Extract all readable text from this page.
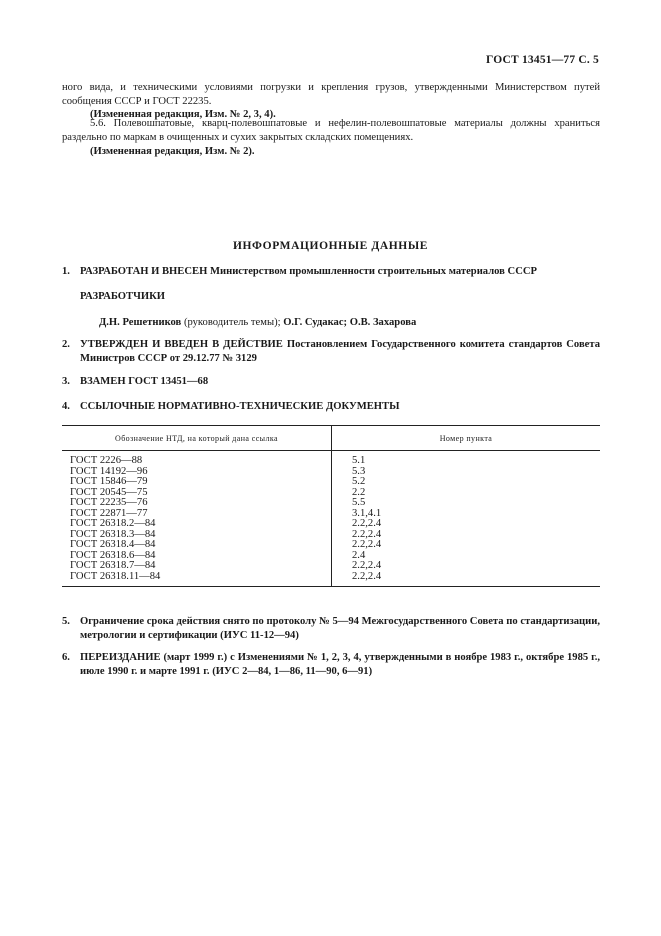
ГОСТ 13451—77 С. 5
ного вида, и техническими условиями погрузки и крепления грузов, утвержденными Министерством путей сообщения СССР и ГОСТ 22235.
(Измененная редакция, Изм. № 2, 3, 4).
5.6. Полевошпатовые, кварц-полевошпатовые и нефелин-полевошпатовые материалы должны храниться раздельно по маркам в очищенных и сухих закрытых складских помещениях.
(Измененная редакция, Изм. № 2).
ИНФОРМАЦИОННЫЕ ДАННЫЕ
1. РАЗРАБОТАН И ВНЕСЕН Министерством промышленности строительных материалов СССР
РАЗРАБОТЧИКИ
Д.Н. Решетников (руководитель темы); О.Г. Судакас; О.В. Захарова
2. УТВЕРЖДЕН И ВВЕДЕН В ДЕЙСТВИЕ Постановлением Государственного комитета стандартов Совета Министров СССР от 29.12.77 № 3129
3. ВЗАМЕН ГОСТ 13451—68
4. ССЫЛОЧНЫЕ НОРМАТИВНО-ТЕХНИЧЕСКИЕ ДОКУМЕНТЫ
Обозначение НТД, на который дана ссылка	Номер пункта
ГОСТ 2226—88	5.1
ГОСТ 14192—96	5.3
ГОСТ 15846—79	5.2
ГОСТ 20545—75	2.2
ГОСТ 22235—76	5.5
ГОСТ 22871—77	3.1,4.1
ГОСТ 26318.2—84	2.2,2.4
ГОСТ 26318.3—84	2.2,2.4
ГОСТ 26318.4—84	2.2,2.4
ГОСТ 26318.6—84	2.4
ГОСТ 26318.7—84	2.2,2.4
ГОСТ 26318.11—84	2.2,2.4
5. Ограничение срока действия снято по протоколу № 5—94 Межгосударственного Совета по стандартизации, метрологии и сертификации (ИУС 11-12—94)
6. ПЕРЕИЗДАНИЕ (март 1999 г.) с Изменениями № 1, 2, 3, 4, утвержденными в ноябре 1983 г., октябре 1985 г., июле 1990 г. и марте 1991 г. (ИУС 2—84, 1—86, 11—90, 6—91)
